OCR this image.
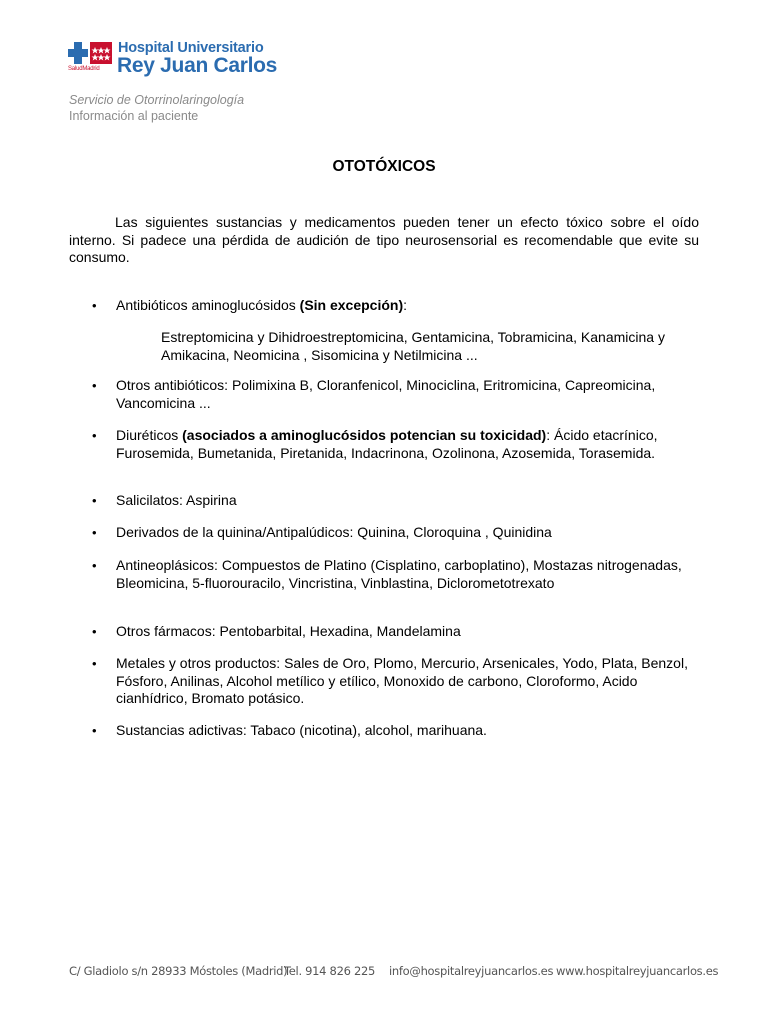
SaludMadrid
Hospital Universitario
Rey Juan Carlos
Servicio de Otorrinolaringología
Información al paciente
OTOTÓXICOS

Las siguientes sustancias y medicamentos pueden tener un efecto tóxico sobre el oído interno. Si padece una pérdida de audición de tipo neurosensorial es recomendable que evite su consumo.

• Antibióticos aminoglucósidos (Sin excepción):

Estreptomicina y Dihidroestreptomicina, Gentamicina, Tobramicina, Kanamicina y Amikacina, Neomicina , Sisomicina y Netilmicina ...

• Otros antibióticos: Polimixina B, Cloranfenicol, Minociclina, Eritromicina, Capreomicina, Vancomicina ...

• Diuréticos (asociados a aminoglucósidos potencian su toxicidad): Ácido etacrínico, Furosemida, Bumetanida, Piretanida, Indacrinona, Ozolinona, Azosemida, Torasemida.

• Salicilatos: Aspirina

• Derivados de la quinina/Antipalúdicos: Quinina, Cloroquina , Quinidina

• Antineoplásicos: Compuestos de Platino (Cisplatino, carboplatino), Mostazas nitrogenadas, Bleomicina, 5-fluorouracilo, Vincristina, Vinblastina, Diclorometotrexato

• Otros fármacos: Pentobarbital, Hexadina, Mandelamina

• Metales y otros productos: Sales de Oro, Plomo, Mercurio, Arsenicales, Yodo, Plata, Benzol, Fósforo, Anilinas, Alcohol metílico y etílico, Monoxido de carbono, Cloroformo, Acido cianhídrico, Bromato potásico.

• Sustancias adictivas: Tabaco (nicotina), alcohol, marihuana.

C/ Gladiolo s/n 28933 Móstoles (Madrid)
Tel. 914 826 225 info@hospitalreyjuancarlos.es www.hospitalreyjuancarlos.es
